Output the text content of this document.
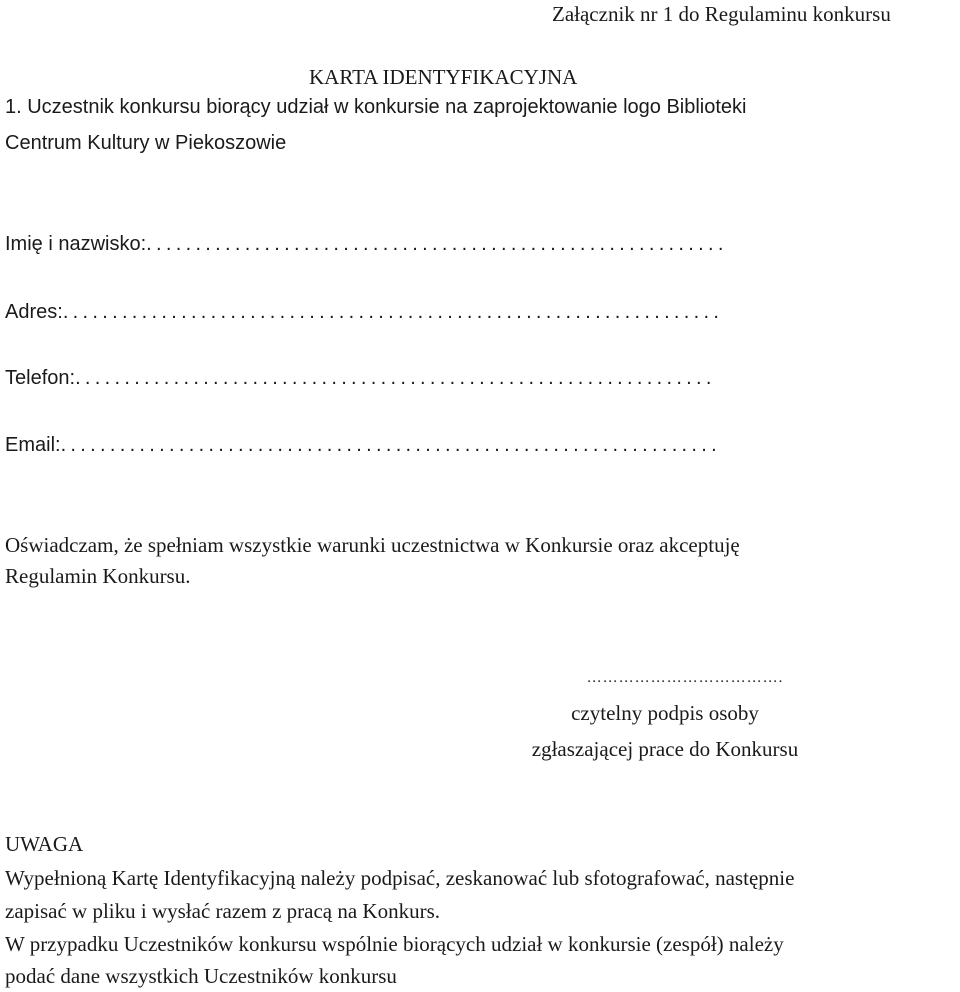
Załącznik nr 1 do Regulaminu konkursu
KARTA IDENTYFIKACYJNA
1. Uczestnik konkursu biorący udział w konkursie na zaprojektowanie logo Biblioteki
Centrum Kultury w Piekoszowie
Imię i nazwisko: ...........................................................
Adres: ...................................................................
Telefon: .................................................................
Email: ...................................................................
Oświadczam, że spełniam wszystkie warunki uczestnictwa w Konkursie oraz akceptuję
Regulamin Konkursu.
……………………………….
czytelny podpis osoby
zgłaszającej prace do Konkursu
UWAGA
Wypełnioną Kartę Identyfikacyjną należy podpisać, zeskanować lub sfotografować, następnie
zapisać w pliku i wysłać razem z pracą na Konkurs.
W przypadku Uczestników konkursu wspólnie biorących udział w konkursie (zespół) należy
podać dane wszystkich Uczestników konkursu
